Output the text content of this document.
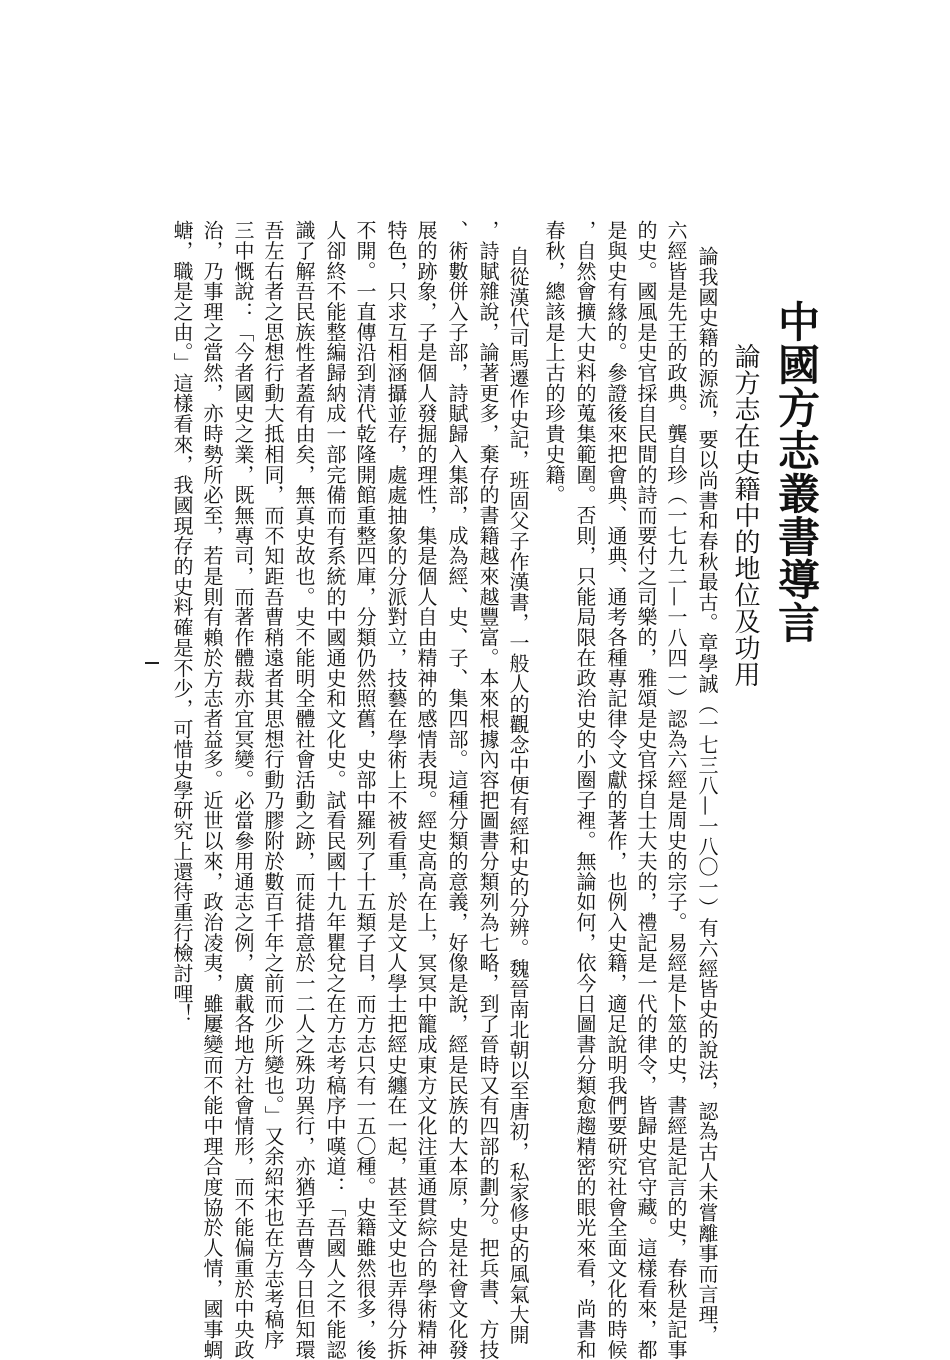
中國方志叢書導言
論方志在史籍中的地位及功用
論我國史籍的源流，要以尚書和春秋最古。章學誠（一七三八—一八〇一）有六經皆史的說法，認為古人未嘗離事而言理，
六經皆是先王的政典。龔自珍（一七九二—一八四一）認為六經是周史的宗子。易經是卜筮的史，書經是記言的史，春秋是記事
的史。國風是史官採自民間的詩而要付之司樂的，雅頌是史官採自士大夫的，禮記是一代的律令，皆歸史官守藏。這樣看來，都
是與史有緣的。參證後來把會典、通典、通考各種專記律令文獻的著作，也例入史籍，適足說明我們要研究社會全面文化的時候
，自然會擴大史料的蒐集範圍。否則，只能局限在政治史的小圈子裡。無論如何，依今日圖書分類愈趨精密的眼光來看，尚書和
春秋，總該是上古的珍貴史籍。
自從漢代司馬遷作史記，班固父子作漢書，一般人的觀念中便有經和史的分辨。魏晉南北朝以至唐初，私家修史的風氣大開
，詩賦雜說，論著更多，棄存的書籍越來越豐富。本來根據內容把圖書分類列為七略，到了晉時又有四部的劃分。把兵書、方技
、術數併入子部，詩賦歸入集部，成為經、史、子、集四部。這種分類的意義，好像是說，經是民族的大本原，史是社會文化發
展的跡象，子是個人發掘的理性，集是個人自由精神的感情表現。經史高高在上，冥冥中籠成東方文化注重通貫綜合的學術精神
特色，只求互相涵攝並存，處處抽象的分派對立，技藝在學術上不被看重，於是文人學士把經史纏在一起，甚至文史也弄得分拆
不開。一直傳沿到清代乾隆開館重整四庫，分類仍然照舊，史部中羅列了十五類子目，而方志只有一五〇種。史籍雖然很多，後
人卻終不能整編歸納成一部完備而有系統的中國通史和文化史。試看民國十九年瞿兌之在方志考稿序中嘆道：「吾國人之不能認
識了解吾民族性者蓋有由矣，無真史故也。史不能明全體社會活動之跡，而徒措意於一二人之殊功異行，亦猶乎吾曹今日但知環
吾左右者之思想行動大抵相同，而不知距吾曹稍遠者其思想行動乃膠附於數百千年之前而少所變也。」又余紹宋也在方志考稿序
三中慨說：「今者國史之業，既無專司，而著作體裁亦宜冥變。必當參用通志之例，廣載各地方社會情形，而不能偏重於中央政
治，乃事理之當然，亦時勢所必至，若是則有賴於方志者益多。近世以來，政治凌夷，雖屢變而不能中理合度協於人情，國事蜩
螗，職是之由。」這樣看來，我國現存的史料確是不少，可惜史學研究上還待重行檢討哩！
